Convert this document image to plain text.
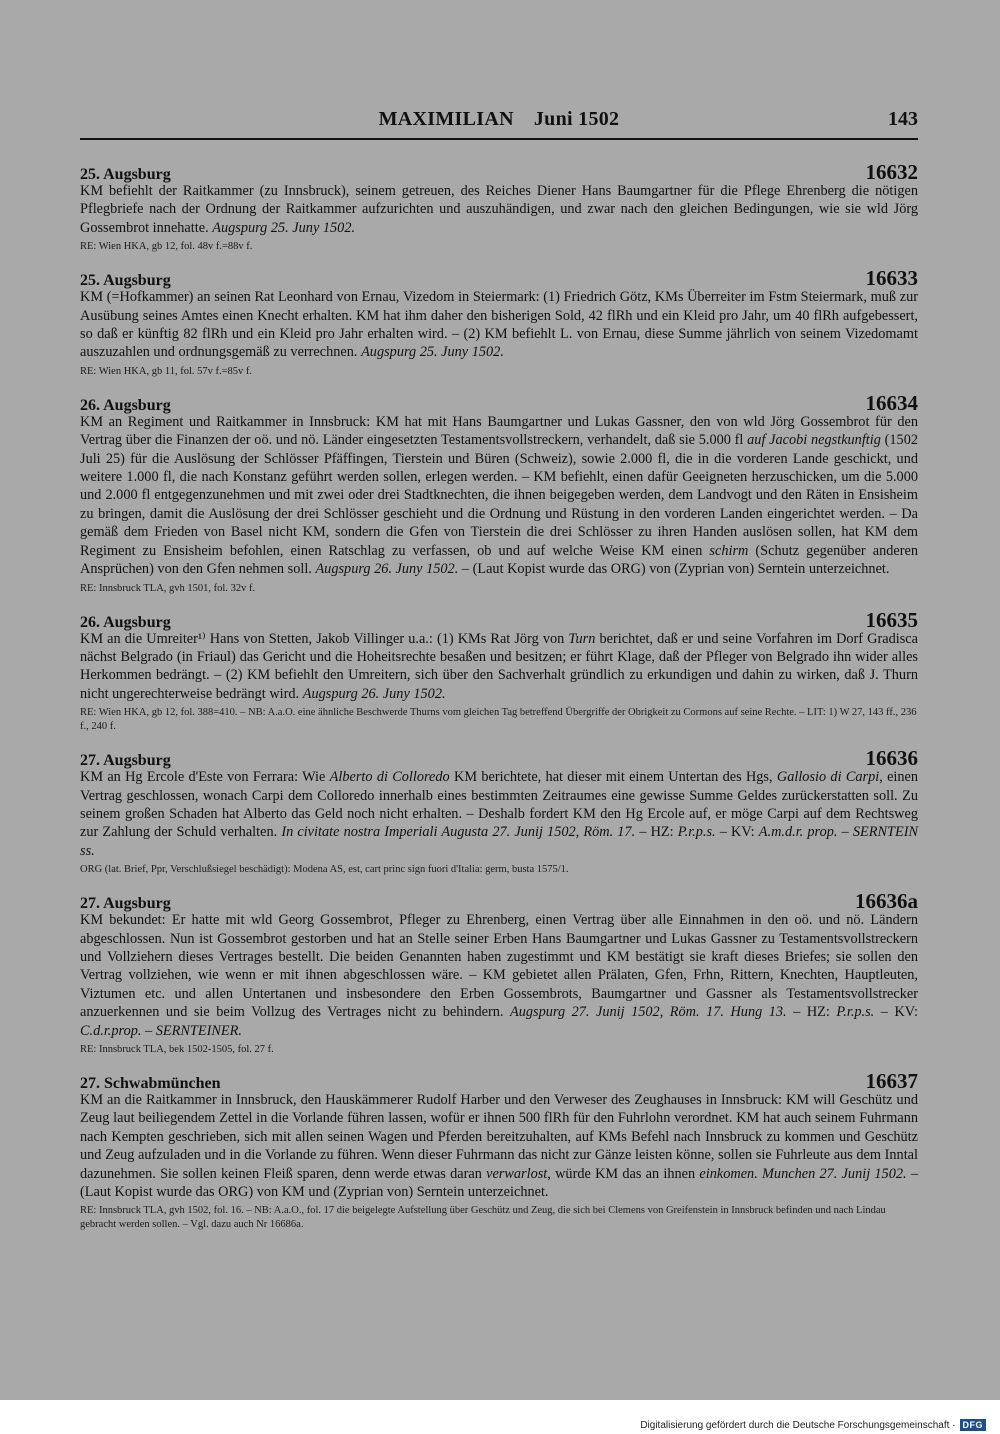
MAXIMILIAN Juni 1502	143
25. Augsburg	16632
KM befiehlt der Raitkammer (zu Innsbruck), seinem getreuen, des Reiches Diener Hans Baumgartner für die Pflege Ehrenberg die nötigen Pflegbriefe nach der Ordnung der Raitkammer aufzurichten und auszuhändigen, und zwar nach den gleichen Bedingungen, wie sie wld Jörg Gossembrot innehatte. Augspurg 25. Juny 1502.
RE: Wien HKA, gb 12, fol. 48v f.=88v f.
25. Augsburg	16633
KM (=Hofkammer) an seinen Rat Leonhard von Ernau, Vizedom in Steiermark: (1) Friedrich Götz, KMs Überreiter im Fstm Steiermark, muß zur Ausübung seines Amtes einen Knecht erhalten. KM hat ihm daher den bisherigen Sold, 42 flRh und ein Kleid pro Jahr, um 40 flRh aufgebessert, so daß er künftig 82 flRh und ein Kleid pro Jahr erhalten wird. – (2) KM befiehlt L. von Ernau, diese Summe jährlich von seinem Vizedomamt auszuzahlen und ordnungsgemäß zu verrechnen. Augspurg 25. Juny 1502.
RE: Wien HKA, gb 11, fol. 57v f.=85v f.
26. Augsburg	16634
KM an Regiment und Raitkammer in Innsbruck: KM hat mit Hans Baumgartner und Lukas Gassner, den von wld Jörg Gossembrot für den Vertrag über die Finanzen der oö. und nö. Länder eingesetzten Testamentsvollstreckern, verhandelt, daß sie 5.000 fl auf Jacobi negstkunftig (1502 Juli 25) für die Auslösung der Schlösser Pfäffingen, Tierstein und Büren (Schweiz), sowie 2.000 fl, die in die vorderen Lande geschickt, und weitere 1.000 fl, die nach Konstanz geführt werden sollen, erlegen werden. – KM befiehlt, einen dafür Geeigneten herzuschicken, um die 5.000 und 2.000 fl entgegenzunehmen und mit zwei oder drei Stadtknechten, die ihnen beigegeben werden, dem Landvogt und den Räten in Ensisheim zu bringen, damit die Auslösung der drei Schlösser geschieht und die Ordnung und Rüstung in den vorderen Landen eingerichtet werden. – Da gemäß dem Frieden von Basel nicht KM, sondern die Gfen von Tierstein die drei Schlösser zu ihren Handen auslösen sollen, hat KM dem Regiment zu Ensisheim befohlen, einen Ratschlag zu verfassen, ob und auf welche Weise KM einen schirm (Schutz gegenüber anderen Ansprüchen) von den Gfen nehmen soll. Augspurg 26. Juny 1502. – (Laut Kopist wurde das ORG) von (Zyprian von) Serntein unterzeichnet.
RE: Innsbruck TLA, gvh 1501, fol. 32v f.
26. Augsburg	16635
KM an die Umreiter¹⁾ Hans von Stetten, Jakob Villinger u.a.: (1) KMs Rat Jörg von Turn berichtet, daß er und seine Vorfahren im Dorf Gradisca nächst Belgrado (in Friaul) das Gericht und die Hoheitsrechte besaßen und besitzen; er führt Klage, daß der Pfleger von Belgrado ihn wider alles Herkommen bedrängt. – (2) KM befiehlt den Umreitern, sich über den Sachverhalt gründlich zu erkundigen und dahin zu wirken, daß J. Thurn nicht ungerechterweise bedrängt wird. Augspurg 26. Juny 1502.
RE: Wien HKA, gb 12, fol. 388=410. – NB: A.a.O. eine ähnliche Beschwerde Thurns vom gleichen Tag betreffend Übergriffe der Obrigkeit zu Cormons auf seine Rechte. – LIT: 1) W 27, 143 ff., 236 f., 240 f.
27. Augsburg	16636
KM an Hg Ercole d'Este von Ferrara: Wie Alberto di Colloredo KM berichtete, hat dieser mit einem Untertan des Hgs, Gallosio di Carpi, einen Vertrag geschlossen, wonach Carpi dem Colloredo innerhalb eines bestimmten Zeitraumes eine gewisse Summe Geldes zurückerstatten soll. Zu seinem großen Schaden hat Alberto das Geld noch nicht erhalten. – Deshalb fordert KM den Hg Ercole auf, er möge Carpi auf dem Rechtsweg zur Zahlung der Schuld verhalten. In civitate nostra Imperiali Augusta 27. Junij 1502, Röm. 17. – HZ: P.r.p.s. – KV: A.m.d.r. prop. – SERNTEIN ss.
ORG (lat. Brief, Ppr, Verschlußsiegel beschädigt): Modena AS, est, cart princ sign fuori d'Italia: germ, busta 1575/1.
27. Augsburg	16636a
KM bekundet: Er hatte mit wld Georg Gossembrot, Pfleger zu Ehrenberg, einen Vertrag über alle Einnahmen in den oö. und nö. Ländern abgeschlossen. Nun ist Gossembrot gestorben und hat an Stelle seiner Erben Hans Baumgartner und Lukas Gassner zu Testamentsvollstreckern und Vollziehern dieses Vertrages bestellt. Die beiden Genannten haben zugestimmt und KM bestätigt sie kraft dieses Briefes; sie sollen den Vertrag vollziehen, wie wenn er mit ihnen abgeschlossen wäre. – KM gebietet allen Prälaten, Gfen, Frhn, Rittern, Knechten, Hauptleuten, Viztumen etc. und allen Untertanen und insbesondere den Erben Gossembrots, Baumgartner und Gassner als Testamentsvollstrecker anzuerkennen und sie beim Vollzug des Vertrages nicht zu behindern. Augspurg 27. Junij 1502, Röm. 17. Hung 13. – HZ: P.r.p.s. – KV: C.d.r.prop. – SERNTEINER.
RE: Innsbruck TLA, bek 1502-1505, fol. 27 f.
27. Schwabmünchen	16637
KM an die Raitkammer in Innsbruck, den Hauskämmerer Rudolf Harber und den Verweser des Zeughauses in Innsbruck: KM will Geschütz und Zeug laut beiliegendem Zettel in die Vorlande führen lassen, wofür er ihnen 500 flRh für den Fuhrlohn verordnet. KM hat auch seinem Fuhrmann nach Kempten geschrieben, sich mit allen seinen Wagen und Pferden bereitzuhalten, auf KMs Befehl nach Innsbruck zu kommen und Geschütz und Zeug aufzuladen und in die Vorlande zu führen. Wenn dieser Fuhrmann das nicht zur Gänze leisten könne, sollen sie Fuhrleute aus dem Inntal dazunehmen. Sie sollen keinen Fleiß sparen, denn werde etwas daran verwarlost, würde KM das an ihnen einkomen. Munchen 27. Junij 1502. – (Laut Kopist wurde das ORG) von KM und (Zyprian von) Serntein unterzeichnet.
RE: Innsbruck TLA, gvh 1502, fol. 16. – NB: A.a.O., fol. 17 die beigelegte Aufstellung über Geschütz und Zeug, die sich bei Clemens von Greifenstein in Innsbruck befinden und nach Lindau gebracht werden sollen. – Vgl. dazu auch Nr 16686a.
Digitalisierung gefördert durch die Deutsche Forschungsgemeinschaft · DFG
